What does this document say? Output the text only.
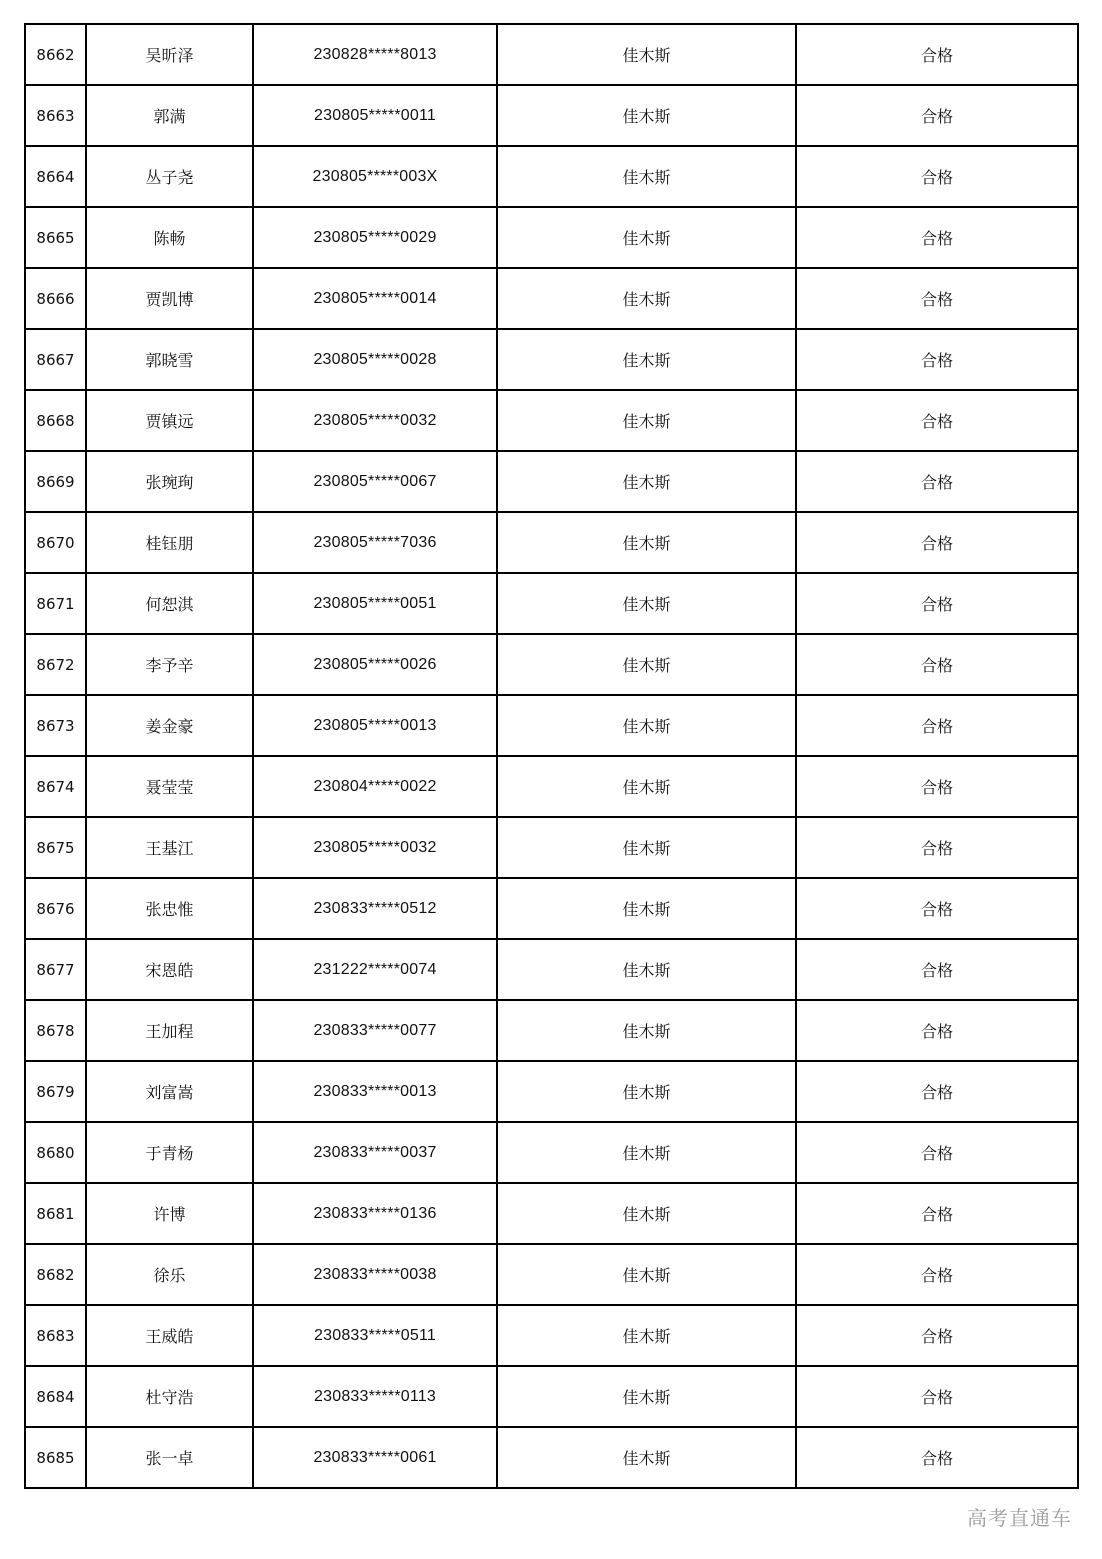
8662	吴昕泽	230828*****8013	佳木斯	合格
8663	郭满	230805*****0011	佳木斯	合格
8664	丛子尧	230805*****003X	佳木斯	合格
8665	陈畅	230805*****0029	佳木斯	合格
8666	贾凯博	230805*****0014	佳木斯	合格
8667	郭晓雪	230805*****0028	佳木斯	合格
8668	贾镇远	230805*****0032	佳木斯	合格
8669	张琬珣	230805*****0067	佳木斯	合格
8670	桂钰朋	230805*****7036	佳木斯	合格
8671	何恕淇	230805*****0051	佳木斯	合格
8672	李予辛	230805*****0026	佳木斯	合格
8673	姜金豪	230805*****0013	佳木斯	合格
8674	聂莹莹	230804*****0022	佳木斯	合格
8675	王基江	230805*****0032	佳木斯	合格
8676	张忠惟	230833*****0512	佳木斯	合格
8677	宋恩皓	231222*****0074	佳木斯	合格
8678	王加程	230833*****0077	佳木斯	合格
8679	刘富嵩	230833*****0013	佳木斯	合格
8680	于青杨	230833*****0037	佳木斯	合格
8681	许博	230833*****0136	佳木斯	合格
8682	徐乐	230833*****0038	佳木斯	合格
8683	王威皓	230833*****0511	佳木斯	合格
8684	杜守浩	230833*****0113	佳木斯	合格
8685	张一卓	230833*****0061	佳木斯	合格
高考直通车
